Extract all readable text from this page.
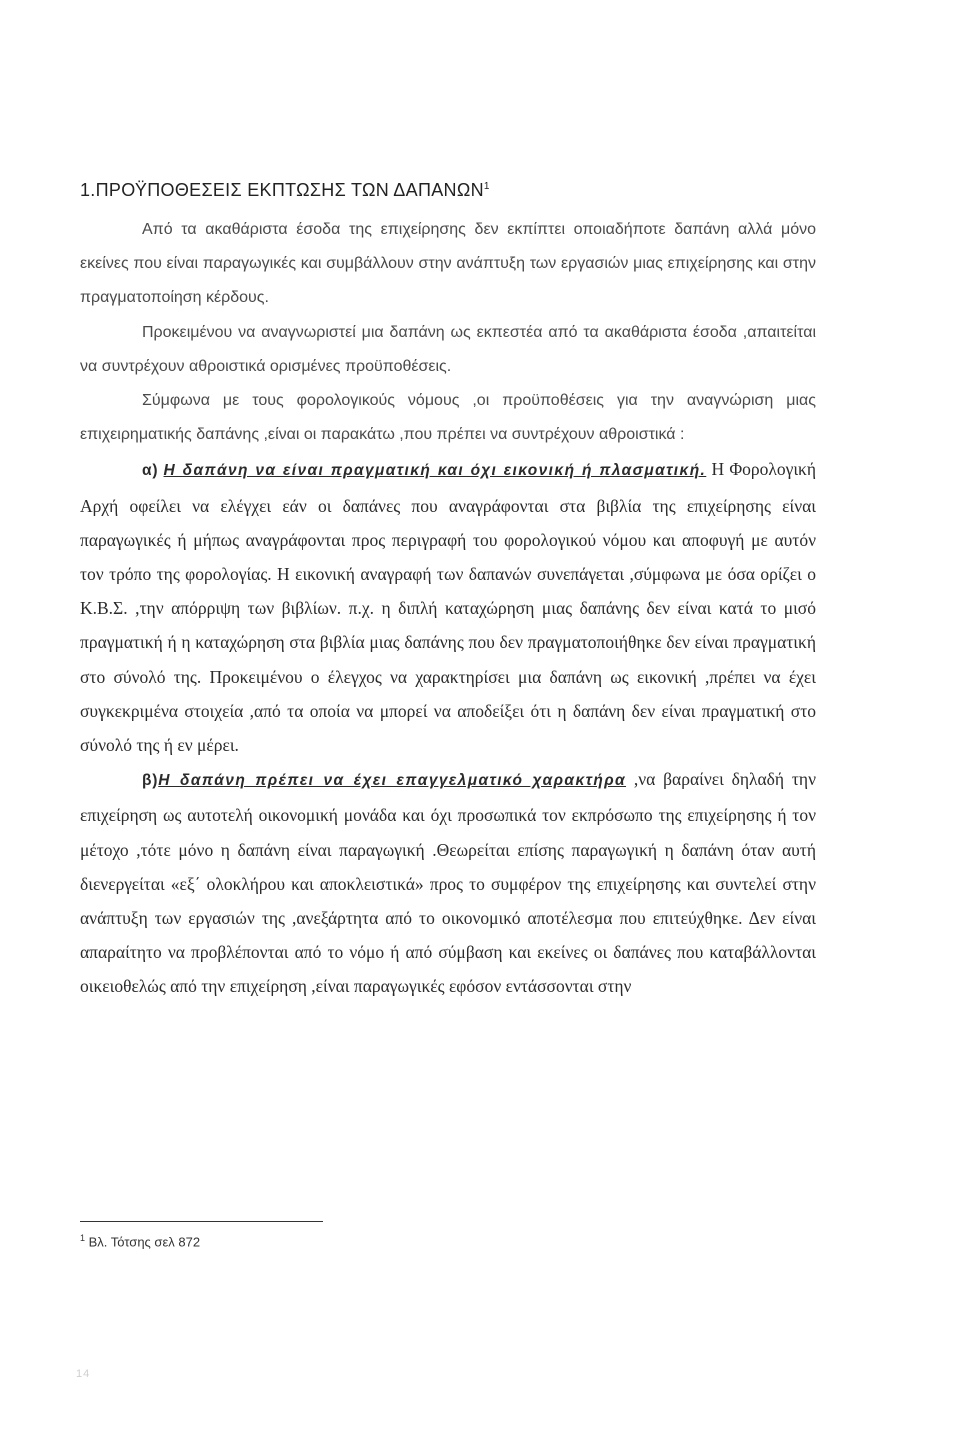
1.ΠΡΟΫΠΟΘΕΣΕΙΣ ΕΚΠΤΩΣΗΣ ΤΩΝ ΔΑΠΑΝΩΝ$^1$

Από τα ακαθάριστα έσοδα της επιχείρησης δεν εκπίπτει οποιαδήποτε δαπάνη αλλά μόνο εκείνες που είναι παραγωγικές και συμβάλλουν στην ανάπτυξη των εργασιών μιας επιχείρησης και στην πραγματοποίηση κέρδους.

Προκειμένου να αναγνωριστεί μια δαπάνη ως εκπεστέα από τα ακαθάριστα έσοδα ,απαιτείται να συντρέχουν αθροιστικά ορισμένες προϋποθέσεις.

Σύμφωνα με τους φορολογικούς νόμους ,οι προϋποθέσεις για την αναγνώριση μιας επιχειρηματικής δαπάνης ,είναι οι παρακάτω ,που πρέπει να συντρέχουν αθροιστικά :

α) Η δαπάνη να είναι πραγματική και όχι εικονική ή πλασματική. Η Φορολογική Αρχή οφείλει να ελέγχει εάν οι δαπάνες που αναγράφονται στα βιβλία της επιχείρησης είναι παραγωγικές ή μήπως αναγράφονται προς περιγραφή του φορολογικού νόμου και αποφυγή με αυτόν τον τρόπο της φορολογίας. Η εικονική αναγραφή των δαπανών συνεπάγεται ,σύμφωνα με όσα ορίζει ο Κ.Β.Σ. ,την απόρριψη των βιβλίων. π.χ. η διπλή καταχώρηση μιας δαπάνης δεν είναι κατά το μισό πραγματική ή η καταχώρηση στα βιβλία μιας δαπάνης που δεν πραγματοποιήθηκε δεν είναι πραγματική στο σύνολό της. Προκειμένου ο έλεγχος να χαρακτηρίσει μια δαπάνη ως εικονική ,πρέπει να έχει συγκεκριμένα στοιχεία ,από τα οποία να μπορεί να αποδείξει ότι η δαπάνη δεν είναι πραγματική στο σύνολό της ή εν μέρει.

β)Η δαπάνη πρέπει να έχει επαγγελματικό χαρακτήρα ,να βαραίνει δηλαδή την επιχείρηση ως αυτοτελή οικονομική μονάδα και όχι προσωπικά τον εκπρόσωπο της επιχείρησης ή τον μέτοχο ,τότε μόνο η δαπάνη είναι παραγωγική .Θεωρείται επίσης παραγωγική η δαπάνη όταν αυτή διενεργείται «εξ΄ ολοκλήρου και αποκλειστικά» προς το συμφέρον της επιχείρησης και συντελεί στην ανάπτυξη των εργασιών της ,ανεξάρτητα από το οικονομικό αποτέλεσμα που επιτεύχθηκε. Δεν είναι απαραίτητο να προβλέπονται από το νόμο ή από σύμβαση και εκείνες οι δαπάνες που καταβάλλονται οικειοθελώς από την επιχείρηση ,είναι παραγωγικές εφόσον εντάσσονται στην

$^1$ Βλ. Τότσης σελ 872
14
